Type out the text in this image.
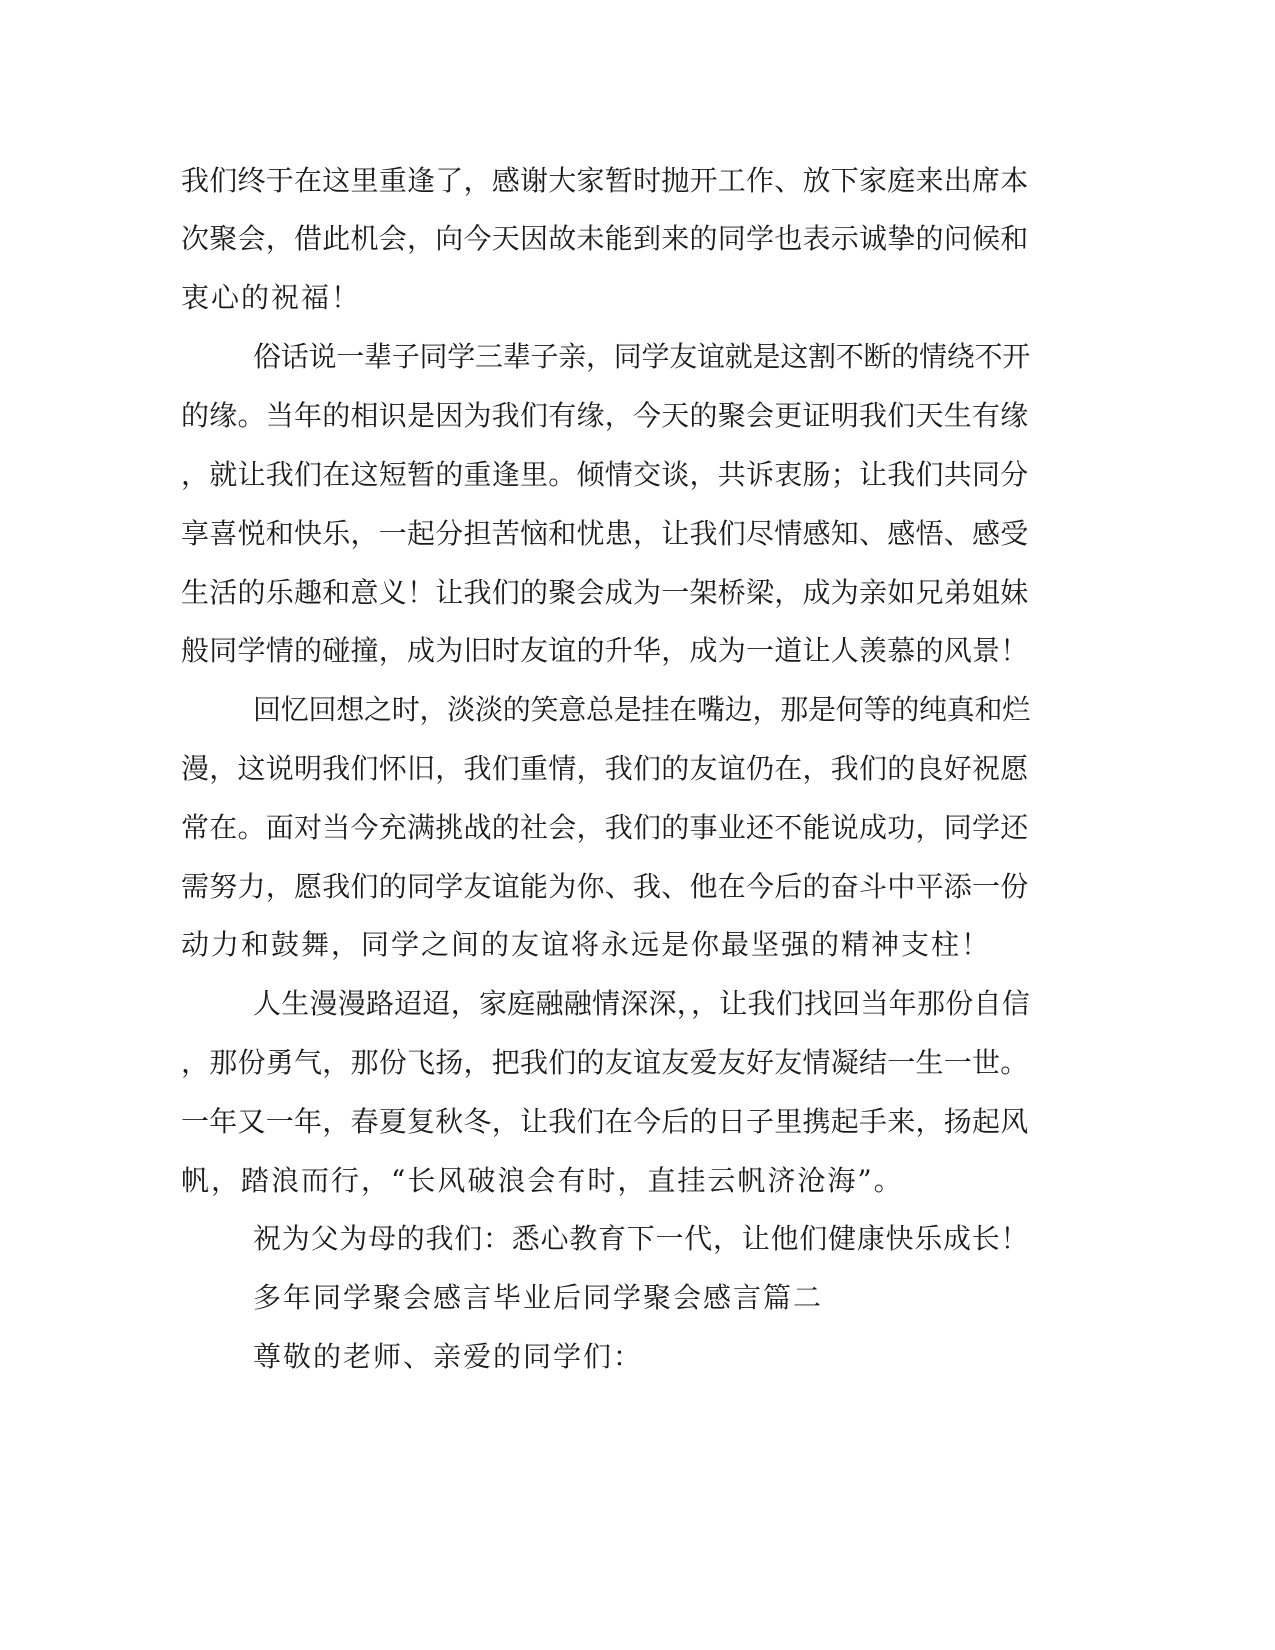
我们终于在这里重逢了，感谢大家暂时抛开工作、放下家庭来出席本

次聚会，借此机会，向今天因故未能到来的同学也表示诚挚的问候和

衷心的祝福！

俗话说一辈子同学三辈子亲，同学友谊就是这割不断的情绕不开

的缘。当年的相识是因为我们有缘，今天的聚会更证明我们天生有缘

，就让我们在这短暂的重逢里。倾情交谈，共诉衷肠；让我们共同分

享喜悦和快乐，一起分担苦恼和忧患，让我们尽情感知、感悟、感受

生活的乐趣和意义！让我们的聚会成为一架桥梁，成为亲如兄弟姐妹

般同学情的碰撞，成为旧时友谊的升华，成为一道让人羡慕的风景！

回忆回想之时，淡淡的笑意总是挂在嘴边，那是何等的纯真和烂

漫，这说明我们怀旧，我们重情，我们的友谊仍在，我们的良好祝愿

常在。面对当今充满挑战的社会，我们的事业还不能说成功，同学还

需努力，愿我们的同学友谊能为你、我、他在今后的奋斗中平添一份

动力和鼓舞，同学之间的友谊将永远是你最坚强的精神支柱！

人生漫漫路迢迢，家庭融融情深深，，让我们找回当年那份自信

，那份勇气，那份飞扬，把我们的友谊友爱友好友情凝结一生一世。

一年又一年，春夏复秋冬，让我们在今后的日子里携起手来，扬起风

帆，踏浪而行，“长风破浪会有时，直挂云帆济沧海”。

祝为父为母的我们：悉心教育下一代，让他们健康快乐成长！

多年同学聚会感言毕业后同学聚会感言篇二

尊敬的老师、亲爱的同学们：
